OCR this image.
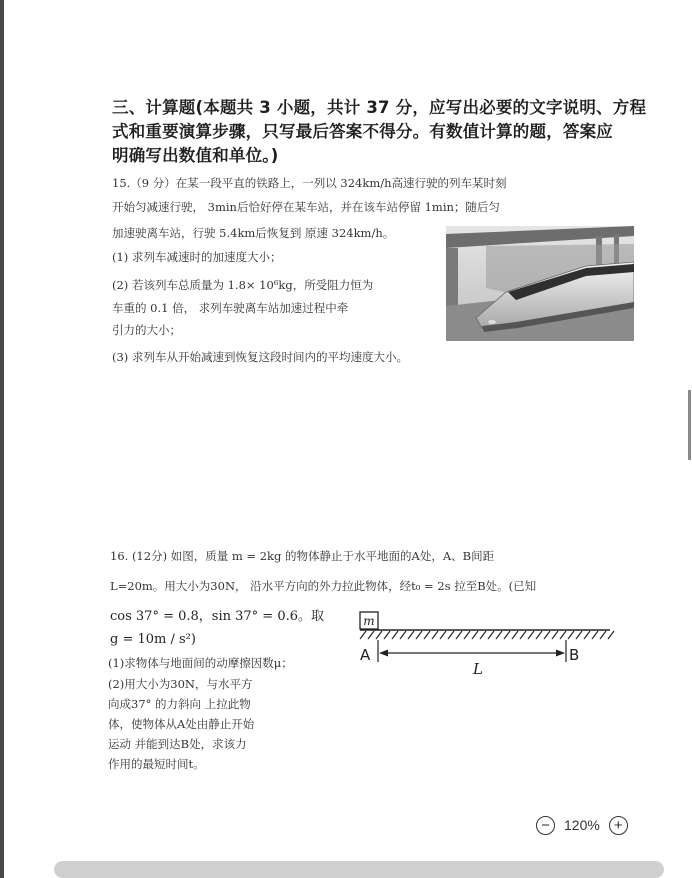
三、计算题(本题共 3 小题，共计 37 分，应写出必要的文字说明、方程
式和重要演算步骤，只写最后答案不得分。有数值计算的题，答案应
明确写出数值和单位。)
15.（9 分）在某一段平直的铁路上，一列以 324km/h高速行驶的列车某时刻
开始匀减速行驶， 3min后恰好停在某车站，并在该车站停留 1min；随后匀
加速驶离车站，行驶 5.4km后恢复到 原速 324km/h。
(1) 求列车减速时的加速度大小；
(2) 若该列车总质量为 1.8× 10⁶kg，所受阻力恒为
车重的 0.1 倍， 求列车驶离车站加速过程中牵
引力的大小；
(3) 求列车从开始减速到恢复这段时间内的平均速度大小。
16. (12分) 如图，质量 m = 2kg 的物体静止于水平地面的A处，A、B间距
L=20m。用大小为30N， 沿水平方向的外力拉此物体，经t₀ = 2s 拉至B处。(已知
cos 37° = 0.8，sin 37° = 0.6。取
g = 10m / s²)
(1)求物体与地面间的动摩擦因数μ；
(2)用大小为30N，与水平方
向成37° 的力斜向 上拉此物
体，使物体从A处由静止开始
运动 并能到达B处，求该力
作用的最短时间t。
m
A	B
L
−	120% +
